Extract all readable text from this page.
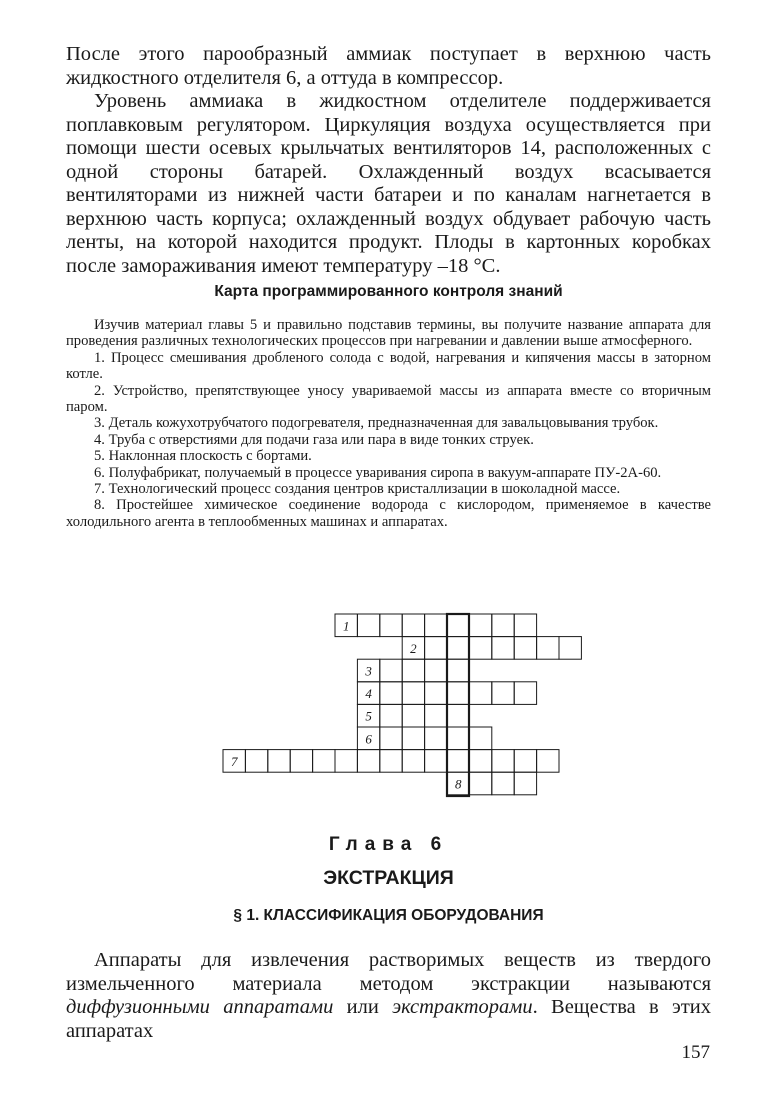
После этого парообразный аммиак поступает в верхнюю часть жидкостного отделителя 6, а оттуда в компрессор.

Уровень аммиака в жидкостном отделителе поддерживается поплавковым регулятором. Циркуляция воздуха осуществляется при помощи шести осевых крыльчатых вентиляторов 14, расположенных с одной стороны батарей. Охлажденный воздух всасывается вентиляторами из нижней части батареи и по каналам нагнетается в верхнюю часть корпуса; охлажденный воздух обдувает рабочую часть ленты, на которой находится продукт. Плоды в картонных коробках после замораживания имеют температуру –18 °С.

Карта программированного контроля знаний

Изучив материал главы 5 и правильно подставив термины, вы получите название аппарата для проведения различных технологических процессов при нагревании и давлении выше атмосферного.

1. Процесс смешивания дробленого солода с водой, нагревания и кипячения массы в заторном котле.

2. Устройство, препятствующее уносу увариваемой массы из аппарата вместе со вторичным паром.

3. Деталь кожухотрубчатого подогревателя, предназначенная для завальцовывания трубок.

4. Труба с отверстиями для подачи газа или пара в виде тонких струек.

5. Наклонная плоскость с бортами.

6. Полуфабрикат, получаемый в процессе уваривания сиропа в вакуум-аппарате ПУ-2А-60.

7. Технологический процесс создания центров кристаллизации в шоколадной массе.

8. Простейшее химическое соединение водорода с кислородом, применяемое в качестве холодильного агента в теплообменных машинах и аппаратах.

1
2
3
4
5
6
7
8

Глава 6

ЭКСТРАКЦИЯ

§ 1. КЛАССИФИКАЦИЯ ОБОРУДОВАНИЯ

Аппараты для извлечения растворимых веществ из твердого измельченного материала методом экстракции называются диффузионными аппаратами или экстракторами. Вещества в этих аппаратах

157
